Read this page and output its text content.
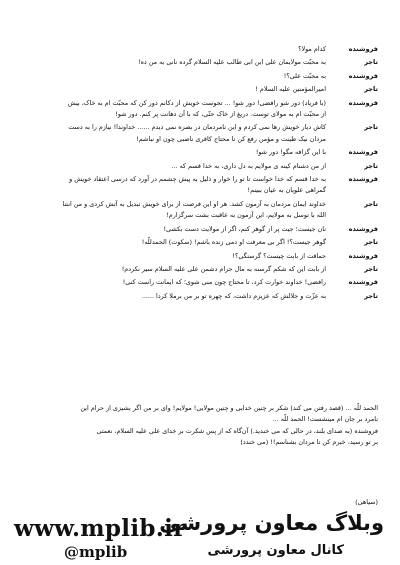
فروشنده
کدام مولا؟
تاجر
به محبّت مولایمان علی ابن ابی طالب علیه السلام گرده نانی به من ده!
فروشنده
به محبّت علی؟!
تاجر
امیرالمؤمنین علیه السلام !
فروشنده
(با فریاد) دور شو رافضی! دور شو! ... تحوست خویش از دکانم دور کن که محبّت ام به خاک، بیش
از محبّت ام به مولای توست. دریغ از خاک حتّی، که با آن دهانت پر کنم. دور شو!
تاجر
کاش دیار خویش رها نمی کردم و این نامردمان در بصره نمی دیدم ...... خداوندا! نیازم را به دست
مردان نیک طینت و مؤمن رفع کن تا محتاج کافری ناصبی چون او نباشم!
فروشنده
با این گزافه مگو! دور شو!
تاجر
از من دشنام کینه ی مولایم به دل داری، به خدا قسم که ...
فروشنده
به خدا قسم که خدا خواست تا تو را خوار و ذلیل به پیش چشمم در آورد که درسی اعتقاد خویش و
گمراهی علویان به عیان ببینم!
تاجر
خداوند ایمان مردمان به آزمون کشد. هر او این فرصت از برای خویش تبدیل به آتش کردی و من انتنا
الله با توسل به مولایم، این آزمون به عاقبت بشت سرگزارم!
فروشنده
نان جیست؛ جیت پر از گوهر کنم، اگر از مولایت دست بکشی!
تاجر
گوهر جیست؟! اگر بی معرفت او دمی زنده باشم! (سکوت) الحمدللّه!
فروشنده
حماقت از بابت چیست؟ گرسنگی؟!
تاجر
از بابت این که شکم گرسنه به مال حرام دشمن علی علیه السلام سیر نکردم!
فروشنده
رافضی! خداوند خوارت کرد، تا محتاج چون منی شوی؛ که ایمانت راست کنی!
تاجر
به عزّت و جلالش که عزیزم داشت، که چهره تو بر من برملا کردا ......
الحمد للّه ... (قصد رفتن می کند) شکر بر چنین خدایی و چنین مولایی! مولایم! وای بر من اگر بشیزی از حرام این
نامرد بر جان ام مینشست! الحمد للّه ...
فروشنده (به صدای بلند، در حالی که می خندید.) آن‌گاه که از پس شکرت بر خدای علی علیه السلام، نعمتی
بر تو رسید، خبرم کن تا مردان بشناسم!! (می خندد)
(سیاهی)
www.mplib.ir
@mplib
وبلاگ معاون پرورشی
کانال معاون پرورشی
